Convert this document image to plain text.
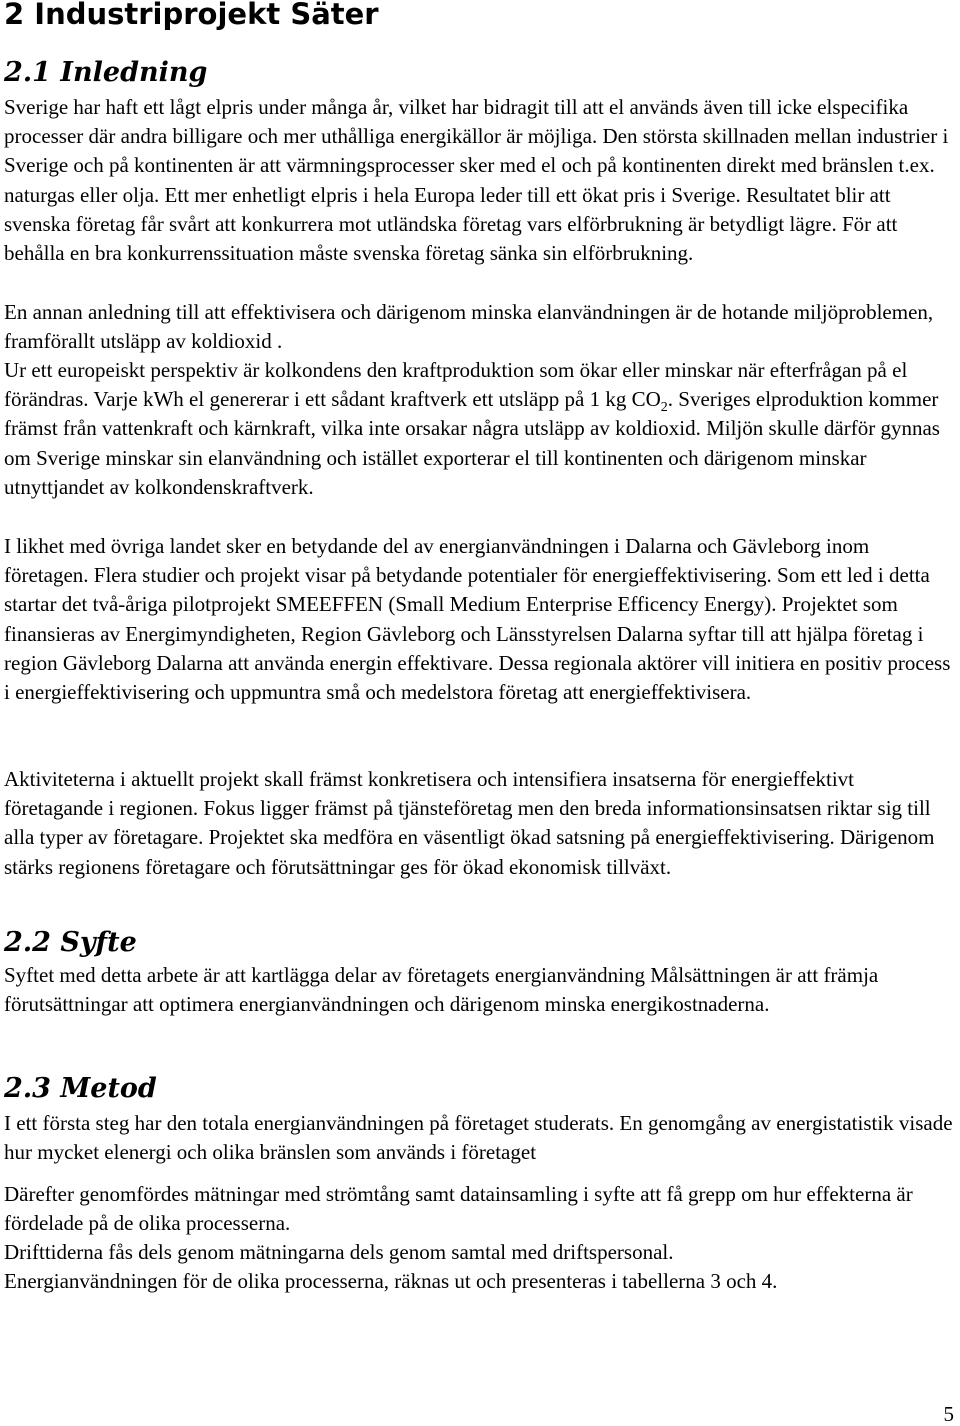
2 Industriprojekt Säter
2.1 Inledning

Sverige har haft ett lågt elpris under många år, vilket har bidragit till att el används även till icke elspecifika processer där andra billigare och mer uthålliga energikällor är möjliga. Den största skillnaden mellan industrier i Sverige och på kontinenten är att värmningsprocesser sker med el och på kontinenten direkt med bränslen t.ex. naturgas eller olja. Ett mer enhetligt elpris i hela Europa leder till ett ökat pris i Sverige. Resultatet blir att svenska företag får svårt att konkurrera mot utländska företag vars elförbrukning är betydligt lägre. För att behålla en bra konkurrenssituation måste svenska företag sänka sin elförbrukning.

En annan anledning till att effektivisera och därigenom minska elanvändningen är de hotande miljöproblemen, framförallt utsläpp av koldioxid .

Ur ett europeiskt perspektiv är kolkondens den kraftproduktion som ökar eller minskar när efterfrågan på el förändras. Varje kWh el genererar i ett sådant kraftverk ett utsläpp på 1 kg $CO_2$. Sveriges elproduktion kommer främst från vattenkraft och kärnkraft, vilka inte orsakar några utsläpp av koldioxid. Miljön skulle därför gynnas om Sverige minskar sin elanvändning och istället exporterar el till kontinenten och därigenom minskar utnyttjandet av kolkondenskraftverk.

I likhet med övriga landet sker en betydande del av energianvändningen i Dalarna och Gävleborg inom företagen. Flera studier och projekt visar på betydande potentialer för energieffektivisering. Som ett led i detta startar det två-åriga pilotprojekt SMEEFFEN (Small Medium Enterprise Efficency Energy). Projektet som finansieras av Energimyndigheten, Region Gävleborg och Länsstyrelsen Dalarna syftar till att hjälpa företag i region Gävleborg Dalarna att använda energin effektivare. Dessa regionala aktörer vill initiera en positiv process i energieffektivisering och uppmuntra små och medelstora företag att energieffektivisera.

Aktiviteterna i aktuellt projekt skall främst konkretisera och intensifiera insatserna för energieffektivt företagande i regionen. Fokus ligger främst på tjänsteföretag men den breda informationsinsatsen riktar sig till alla typer av företagare. Projektet ska medföra en väsentligt ökad satsning på energieffektivisering. Därigenom stärks regionens företagare och förutsättningar ges för ökad ekonomisk tillväxt.

2.2 Syfte

Syftet med detta arbete är att kartlägga delar av företagets energianvändning Målsättningen är att främja förutsättningar att optimera energianvändningen och därigenom minska energikostnaderna.

2.3 Metod

I ett första steg har den totala energianvändningen på företaget studerats. En genomgång av energistatistik visade hur mycket elenergi och olika bränslen som används i företaget

Därefter genomfördes mätningar med strömtång samt datainsamling i syfte att få grepp om hur effekterna är fördelade på de olika processerna.

Drifttiderna fås dels genom mätningarna dels genom samtal med driftspersonal.

Energianvändningen för de olika processerna, räknas ut och presenteras i tabellerna 3 och 4.

5
